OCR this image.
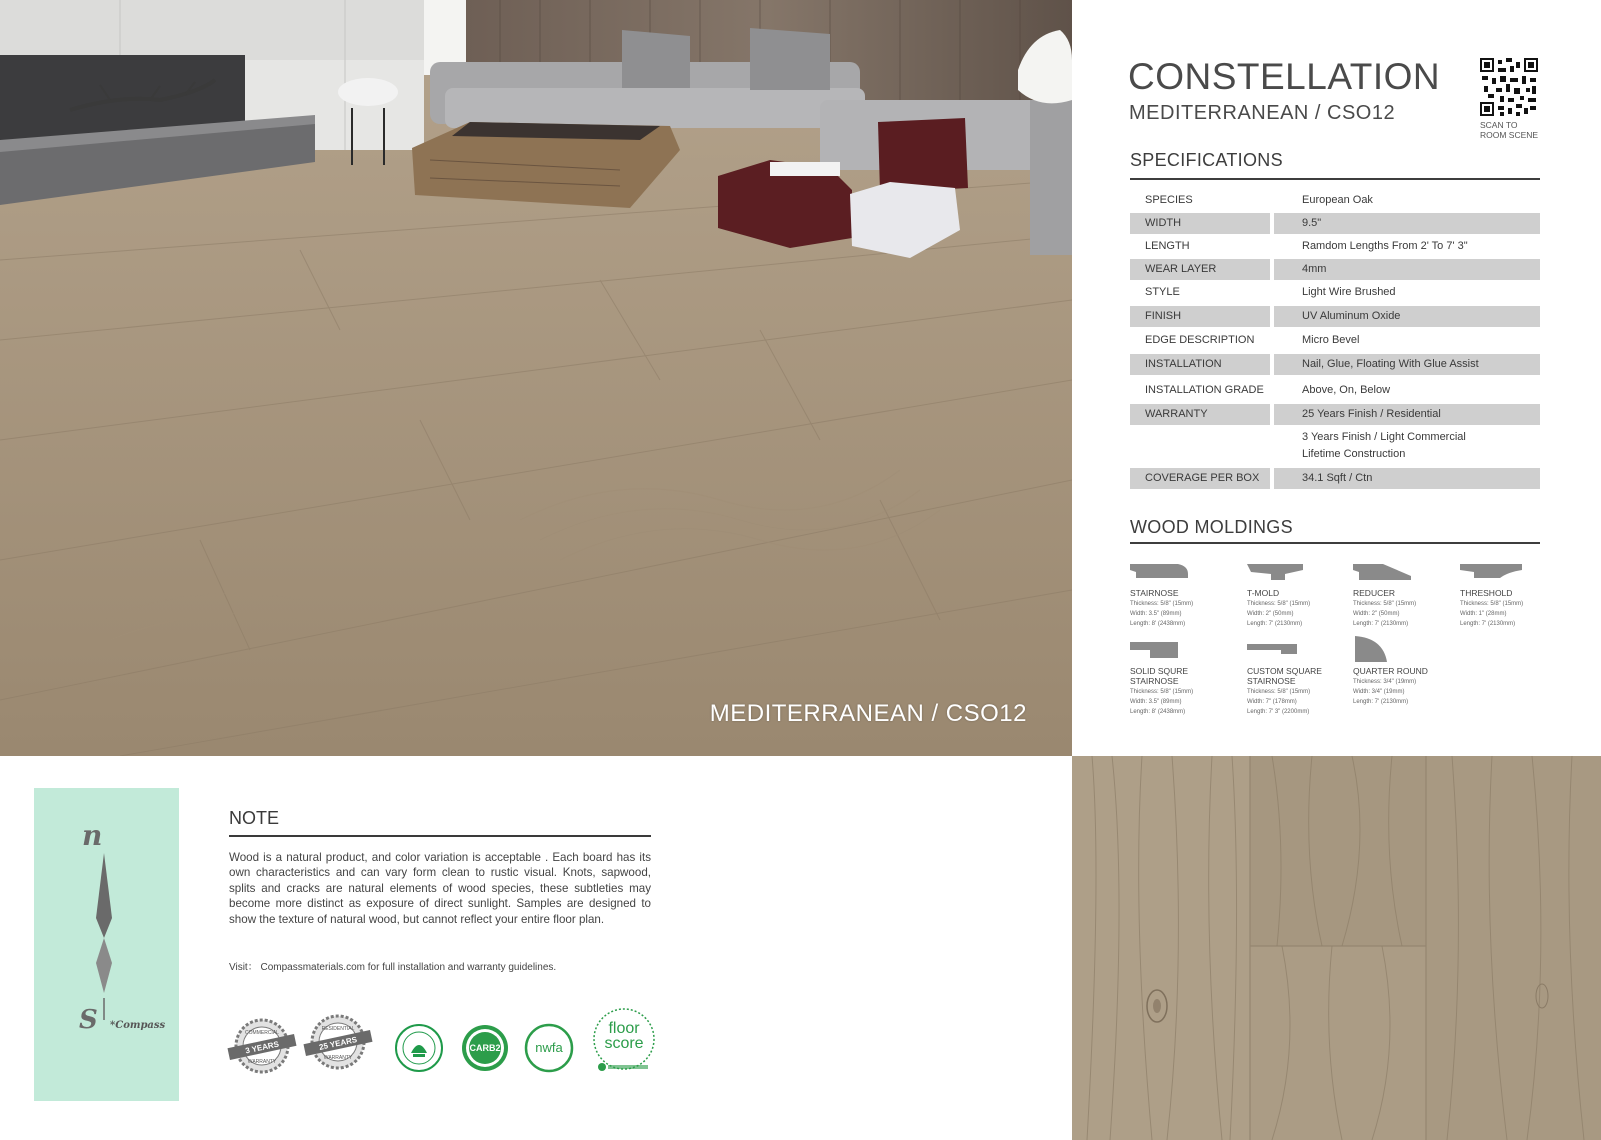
MEDITERRANEAN / CSO12
CONSTELLATION
MEDITERRANEAN / CSO12
SCAN TO
ROOM SCENE
SPECIFICATIONS
SPECIES	European Oak
WIDTH	9.5"
LENGTH	Ramdom Lengths From 2' To 7' 3"
WEAR LAYER	4mm
STYLE	Light Wire Brushed
FINISH	UV Aluminum Oxide
EDGE DESCRIPTION	Micro Bevel
INSTALLATION	Nail, Glue, Floating With Glue Assist
INSTALLATION GRADE	Above, On, Below
WARRANTY	25 Years Finish / Residential
3 Years Finish / Light Commercial
Lifetime Construction
COVERAGE PER BOX	34.1 Sqft / Ctn
WOOD MOLDINGS
STAIRNOSE
Thickness: 5/8" (15mm)
Width: 3.5" (89mm)
Length: 8' (2438mm)
T-MOLD
Thickness: 5/8" (15mm)
Width: 2" (50mm)
Length: 7' (2130mm)
REDUCER
Thickness: 5/8" (15mm)
Width: 2" (50mm)
Length: 7' (2130mm)
THRESHOLD
Thickness: 5/8" (15mm)
Width: 1" (28mm)
Length: 7' (2130mm)
SOLID SQURE STAIRNOSE
Thickness: 5/8" (15mm)
Width: 3.5" (89mm)
Length: 8' (2438mm)
CUSTOM SQUARE STAIRNOSE
Thickness: 5/8" (15mm)
Width: 7" (178mm)
Length: 7' 3" (2200mm)
QUARTER ROUND
Thickness: 3/4" (19mm)
Width: 3/4" (19mm)
Length: 7' (2130mm)
n
S *Compass
NOTE
Wood is a natural product, and color variation is acceptable . Each board has its own characteristics and can vary form clean to rustic visual. Knots, sapwood, splits and cracks are natural elements of wood species, these subtleties may become more distinct as exposure of direct sunlight. Samples are designed to show the texture of natural wood, but cannot reflect your entire floor plan.
Visit： Compassmaterials.com for full installation and warranty guidelines.
COMMERCIAL
3 YEARS
WARRANTY
RESIDENTIAL
25 YEARS
WARRANTY
CARB2	nwfa
floor
score
